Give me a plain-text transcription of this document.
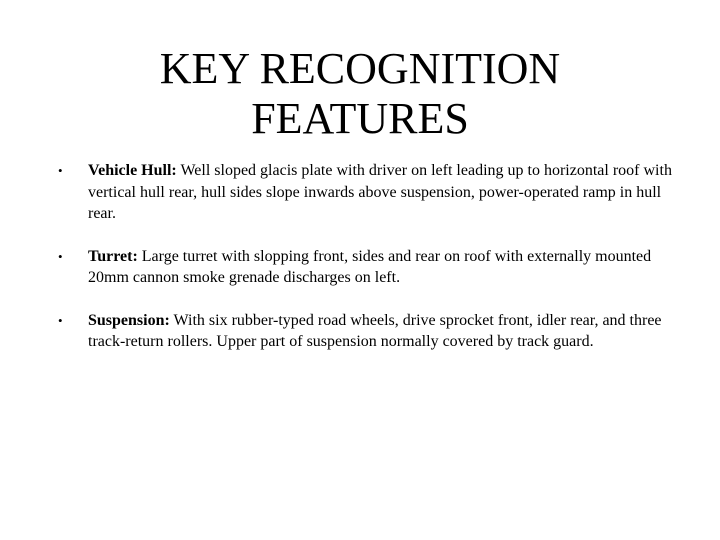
KEY RECOGNITION
FEATURES
• Vehicle Hull: Well sloped glacis plate with driver on left leading up to horizontal roof with vertical hull rear, hull sides slope inwards above suspension, power-operated ramp in hull rear.
• Turret: Large turret with slopping front, sides and rear on roof with externally mounted 20mm cannon smoke grenade discharges on left.
• Suspension: With six rubber-typed road wheels, drive sprocket front, idler rear, and three track-return rollers. Upper part of suspension normally covered by track guard.
